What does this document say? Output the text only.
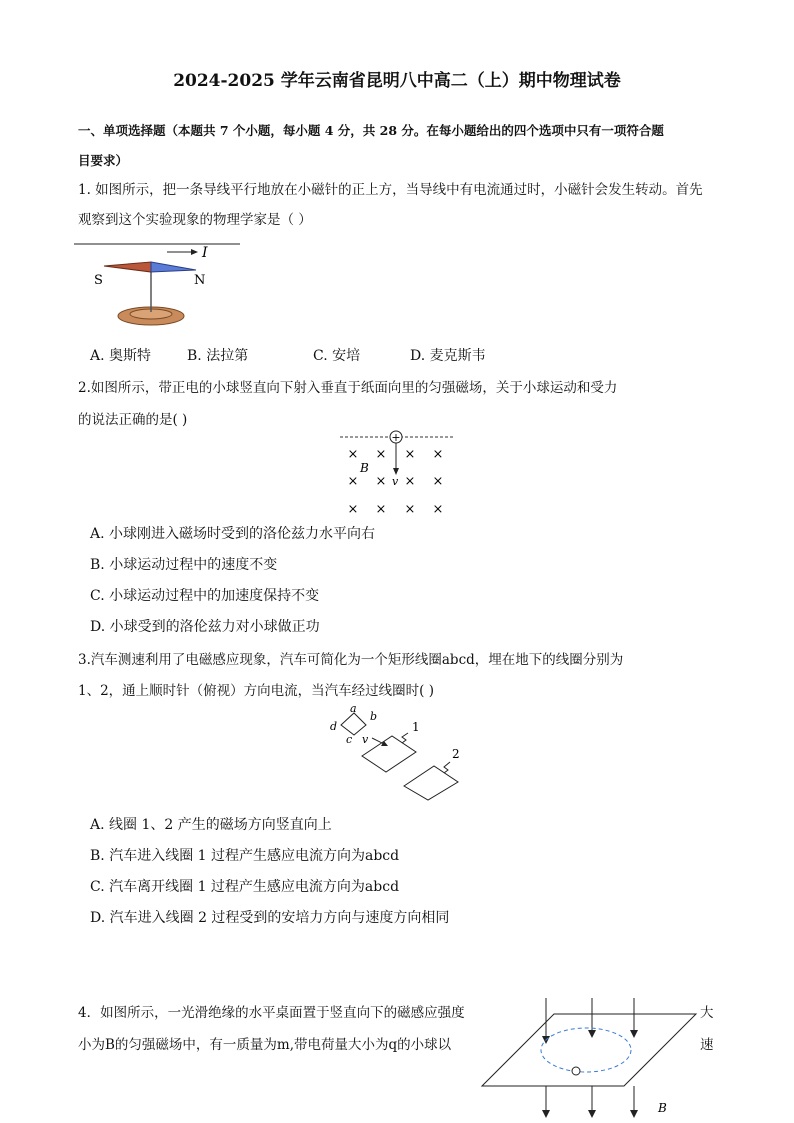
2024-2025 学年云南省昆明八中高二（上）期中物理试卷
一、单项选择题（本题共 7 个小题，每小题 4 分，共 28 分。在每小题给出的四个选项中只有一项符合题
目要求）
1. 如图所示，把一条导线平行地放在小磁针的正上方，当导线中有电流通过时，小磁针会发生转动。首先
观察到这个实验现象的物理学家是（ ）
I
S	N
A. 奥斯特	B. 法拉第	C. 安培	D. 麦克斯韦
2.如图所示，带正电的小球竖直向下射入垂直于纸面向里的匀强磁场，关于小球运动和受力
的说法正确的是( )
+
B
v
× × × ×
× × × ×
× × × ×
A. 小球刚进入磁场时受到的洛伦兹力水平向右
B. 小球运动过程中的速度不变
C. 小球运动过程中的加速度保持不变
D. 小球受到的洛伦兹力对小球做正功
3.汽车测速利用了电磁感应现象，汽车可简化为一个矩形线圈abcd，埋在地下的线圈分别为
1、2，通上顺时针（俯视）方向电流，当汽车经过线圈时( )
a
b
d
c v
1
2
A. 线圈 1、2 产生的磁场方向竖直向上
B. 汽车进入线圈 1 过程产生感应电流方向为abcd
C. 汽车离开线圈 1 过程产生感应电流方向为abcd
D. 汽车进入线圈 2 过程受到的安培力方向与速度方向相同
4．如图所示，一光滑绝缘的水平桌面置于竖直向下的磁感应强度
小为B的匀强磁场中，有一质量为m,带电荷量大小为q的小球以
大
速
B
